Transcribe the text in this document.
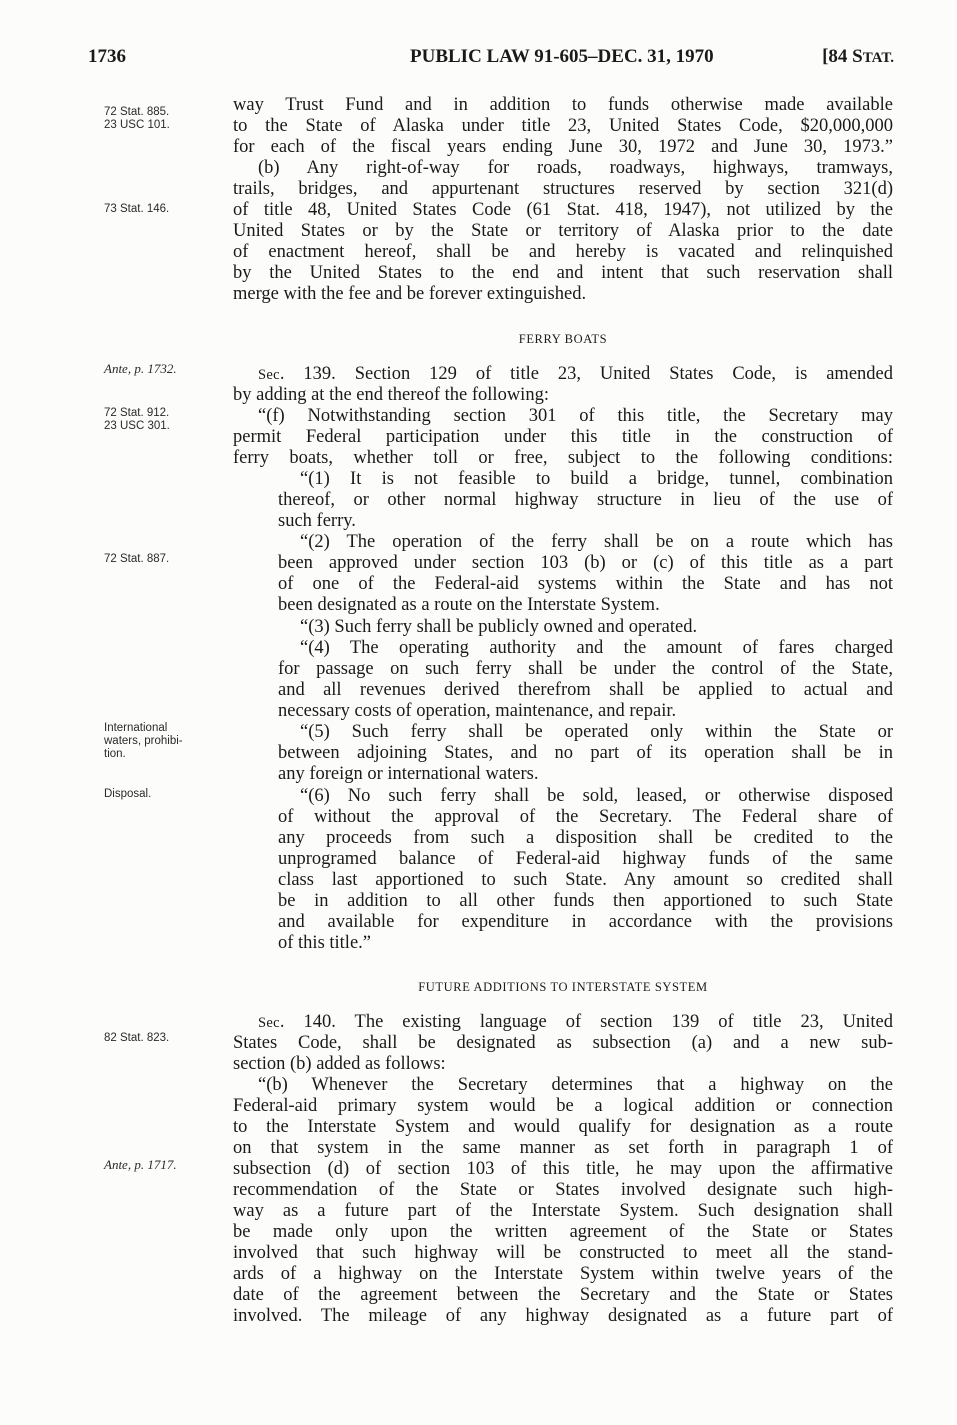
1736	PUBLIC LAW 91-605–DEC. 31, 1970	[84 STAT.
72 Stat. 885.
23 USC 101.
73 Stat. 146.
Ante, p. 1732.
72 Stat. 912.
23 USC 301.
72 Stat. 887.
International
waters, prohibi-
tion.
Disposal.
82 Stat. 823.
Ante, p. 1717.
way Trust Fund and in addition to funds otherwise made available
to the State of Alaska under title 23, United States Code, $20,000,000
for each of the fiscal years ending June 30, 1972 and June 30, 1973.”
(b) Any right-of-way for roads, roadways, highways, tramways,
trails, bridges, and appurtenant structures reserved by section 321(d)
of title 48, United States Code (61 Stat. 418, 1947), not utilized by the
United States or by the State or territory of Alaska prior to the date
of enactment hereof, shall be and hereby is vacated and relinquished
by the United States to the end and intent that such reservation shall
merge with the fee and be forever extinguished.
FERRY BOATS
Sec. 139. Section 129 of title 23, United States Code, is amended
by adding at the end thereof the following:
“(f) Notwithstanding section 301 of this title, the Secretary may
permit Federal participation under this title in the construction of
ferry boats, whether toll or free, subject to the following conditions:
“(1) It is not feasible to build a bridge, tunnel, combination
thereof, or other normal highway structure in lieu of the use of
such ferry.
“(2) The operation of the ferry shall be on a route which has
been approved under section 103 (b) or (c) of this title as a part
of one of the Federal-aid systems within the State and has not
been designated as a route on the Interstate System.
“(3) Such ferry shall be publicly owned and operated.
“(4) The operating authority and the amount of fares charged
for passage on such ferry shall be under the control of the State,
and all revenues derived therefrom shall be applied to actual and
necessary costs of operation, maintenance, and repair.
“(5) Such ferry shall be operated only within the State or
between adjoining States, and no part of its operation shall be in
any foreign or international waters.
“(6) No such ferry shall be sold, leased, or otherwise disposed
of without the approval of the Secretary. The Federal share of
any proceeds from such a disposition shall be credited to the
unprogramed balance of Federal-aid highway funds of the same
class last apportioned to such State. Any amount so credited shall
be in addition to all other funds then apportioned to such State
and available for expenditure in accordance with the provisions
of this title.”
FUTURE ADDITIONS TO INTERSTATE SYSTEM
Sec. 140. The existing language of section 139 of title 23, United
States Code, shall be designated as subsection (a) and a new sub-
section (b) added as follows:
“(b) Whenever the Secretary determines that a highway on the
Federal-aid primary system would be a logical addition or connection
to the Interstate System and would qualify for designation as a route
on that system in the same manner as set forth in paragraph 1 of
subsection (d) of section 103 of this title, he may upon the affirmative
recommendation of the State or States involved designate such high-
way as a future part of the Interstate System. Such designation shall
be made only upon the written agreement of the State or States
involved that such highway will be constructed to meet all the stand-
ards of a highway on the Interstate System within twelve years of the
date of the agreement between the Secretary and the State or States
involved. The mileage of any highway designated as a future part of
